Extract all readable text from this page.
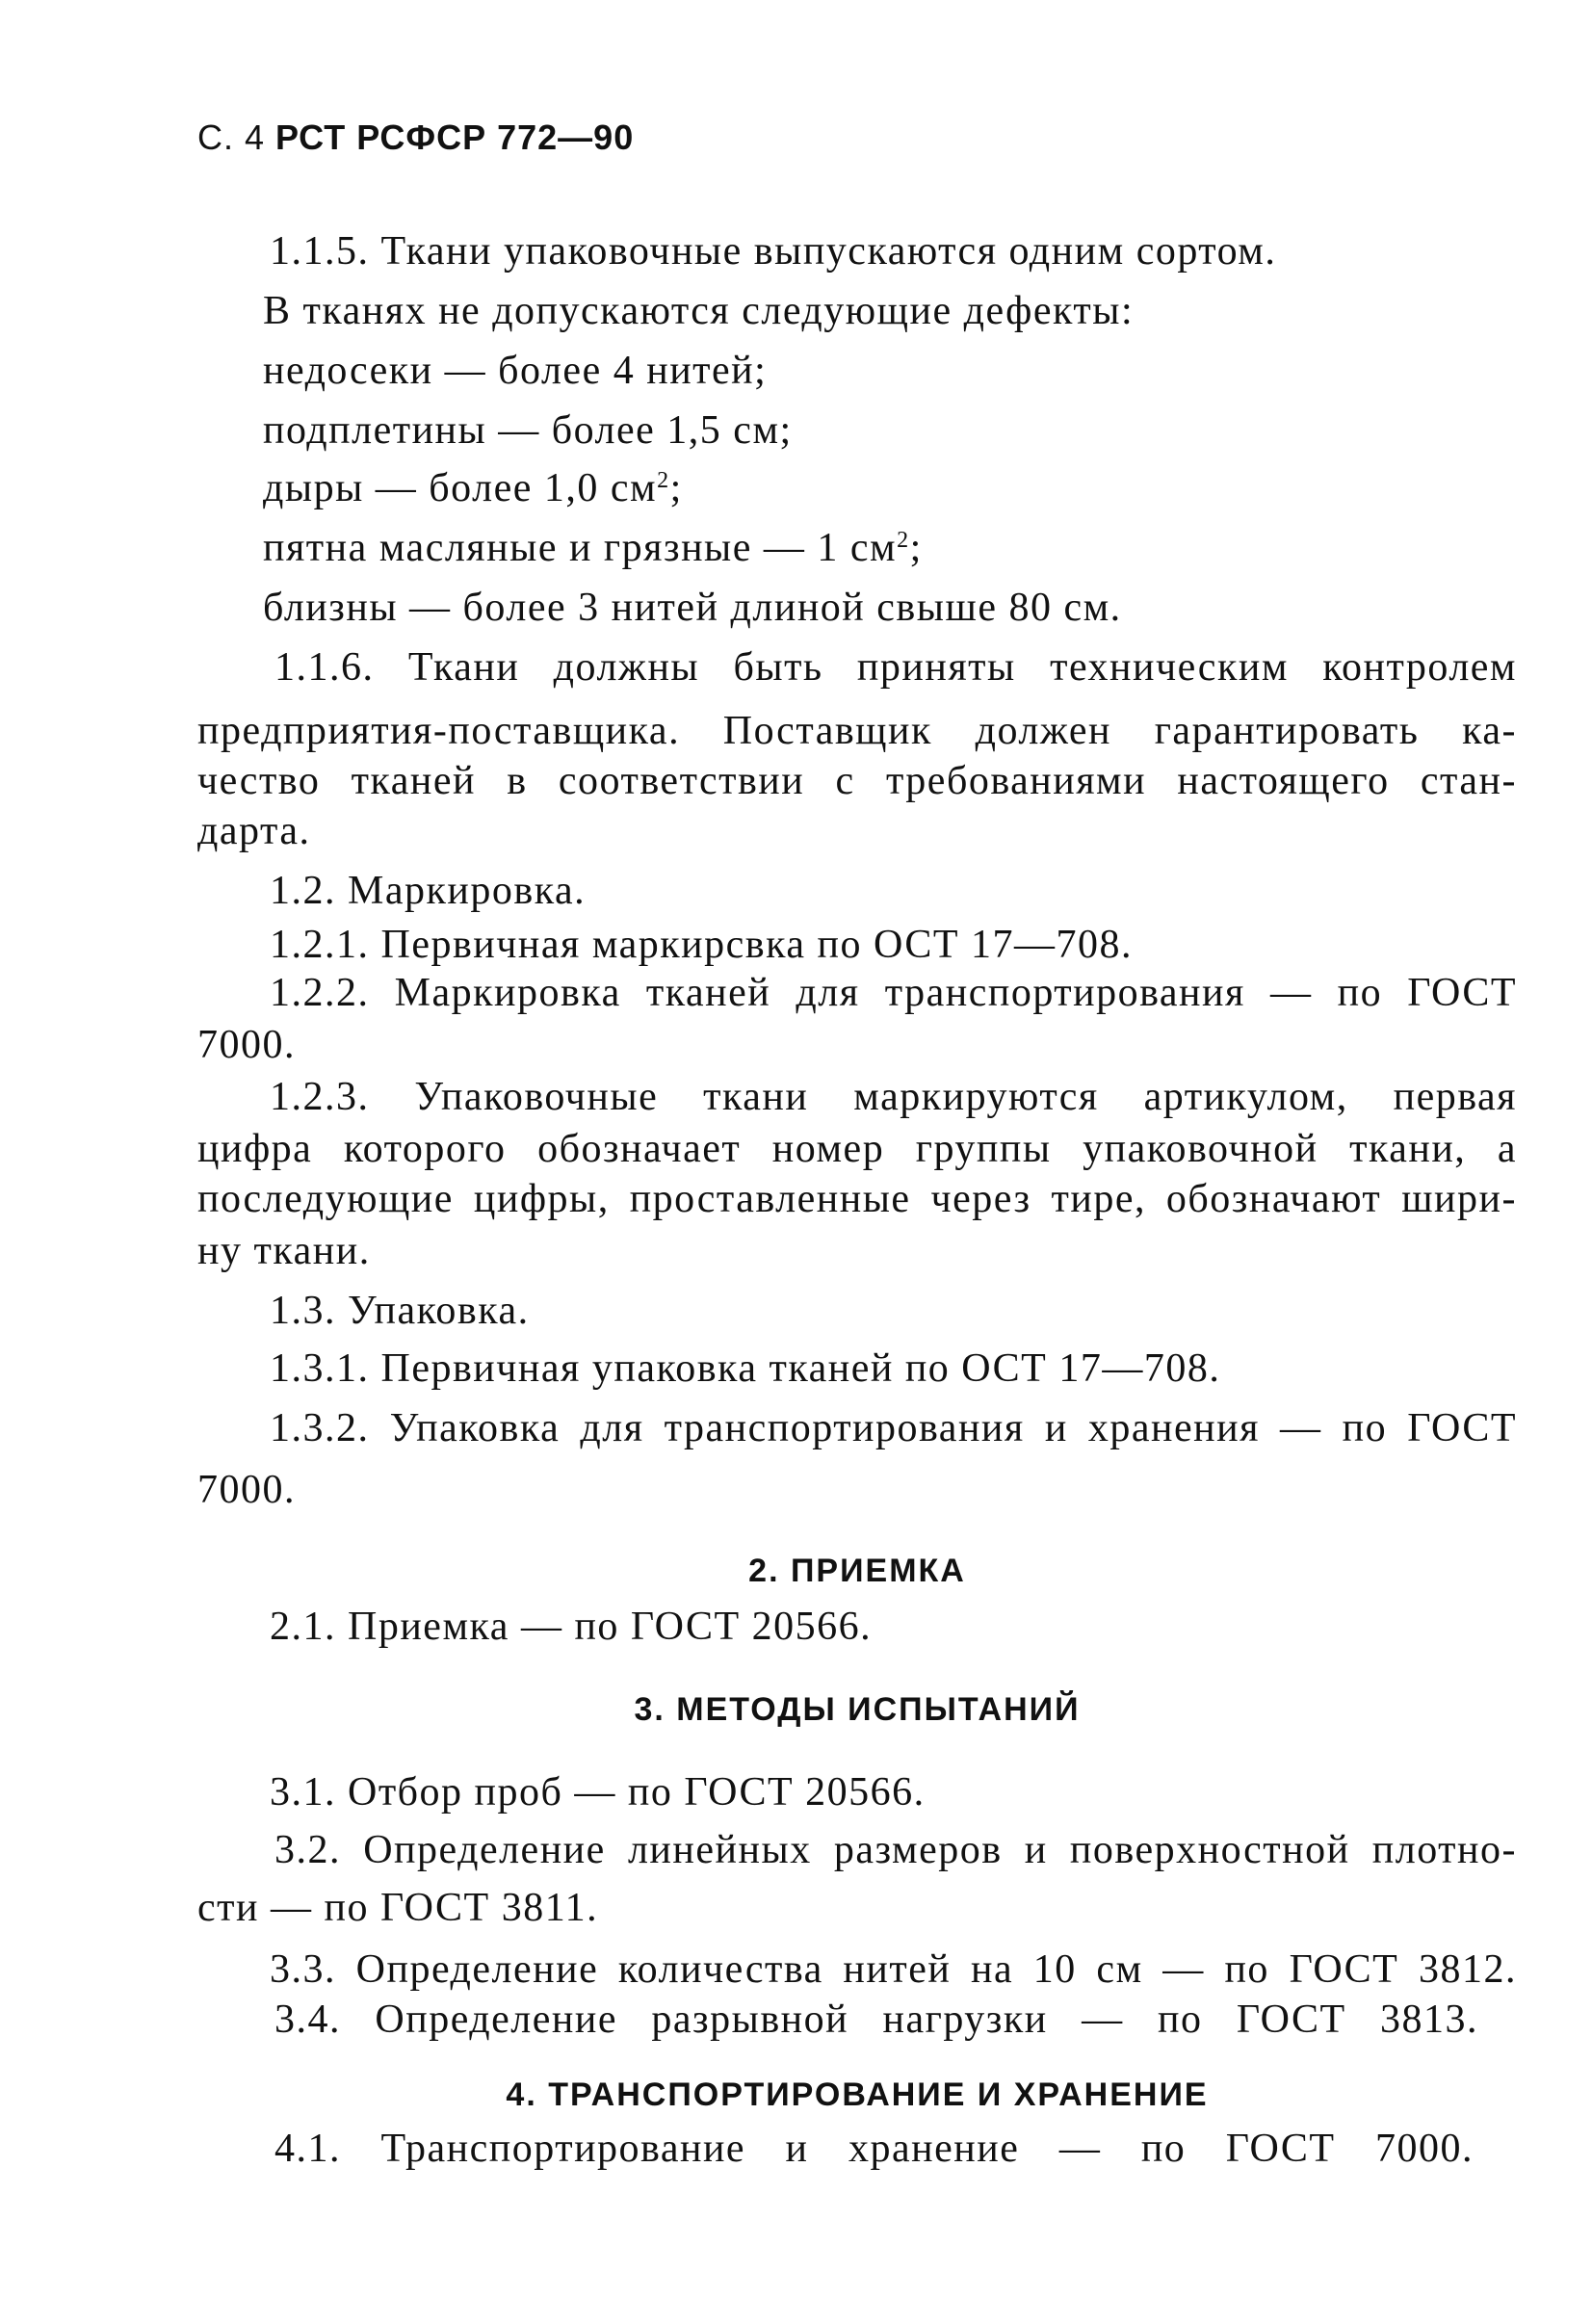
С. 4 РСТ РСФСР 772—90
1.1.5. Ткани упаковочные выпускаются одним сортом.
В тканях не допускаются следующие дефекты:
недосеки — более 4 нитей;
подплетины — более 1,5 см;
дыры — более 1,0 $см^2$;
пятна масляные и грязные — 1 $см^2$;
близны — более 3 нитей длиной свыше 80 см.
1.1.6. Ткани должны быть приняты техническим контролем
предприятия-поставщика. Поставщик должен гарантировать ка-
чество тканей в соответствии с требованиями настоящего стан-
дарта.
1.2. Маркировка.
1.2.1. Первичная маркирсвка по ОСТ 17—708.
1.2.2. Маркировка тканей для транспортирования — по ГОСТ
7000.
1.2.3. Упаковочные ткани маркируются артикулом, первая
цифра которого обозначает номер группы упаковочной ткани, а
последующие цифры, проставленные через тире, обозначают шири-
ну ткани.
1.3. Упаковка.
1.3.1. Первичная упаковка тканей по ОСТ 17—708.
1.3.2. Упаковка для транспортирования и хранения — по ГОСТ
7000.
2. ПРИЕМКА
2.1. Приемка — по ГОСТ 20566.
3. МЕТОДЫ ИСПЫТАНИЙ
3.1. Отбор проб — по ГОСТ 20566.
3.2. Определение линейных размеров и поверхностной плотно-
сти — по ГОСТ 3811.
3.3. Определение количества нитей на 10 см — по ГОСТ 3812.
3.4. Определение разрывной нагрузки — по ГОСТ 3813.
4. ТРАНСПОРТИРОВАНИЕ И ХРАНЕНИЕ
4.1. Транспортирование и хранение — по ГОСТ 7000.
